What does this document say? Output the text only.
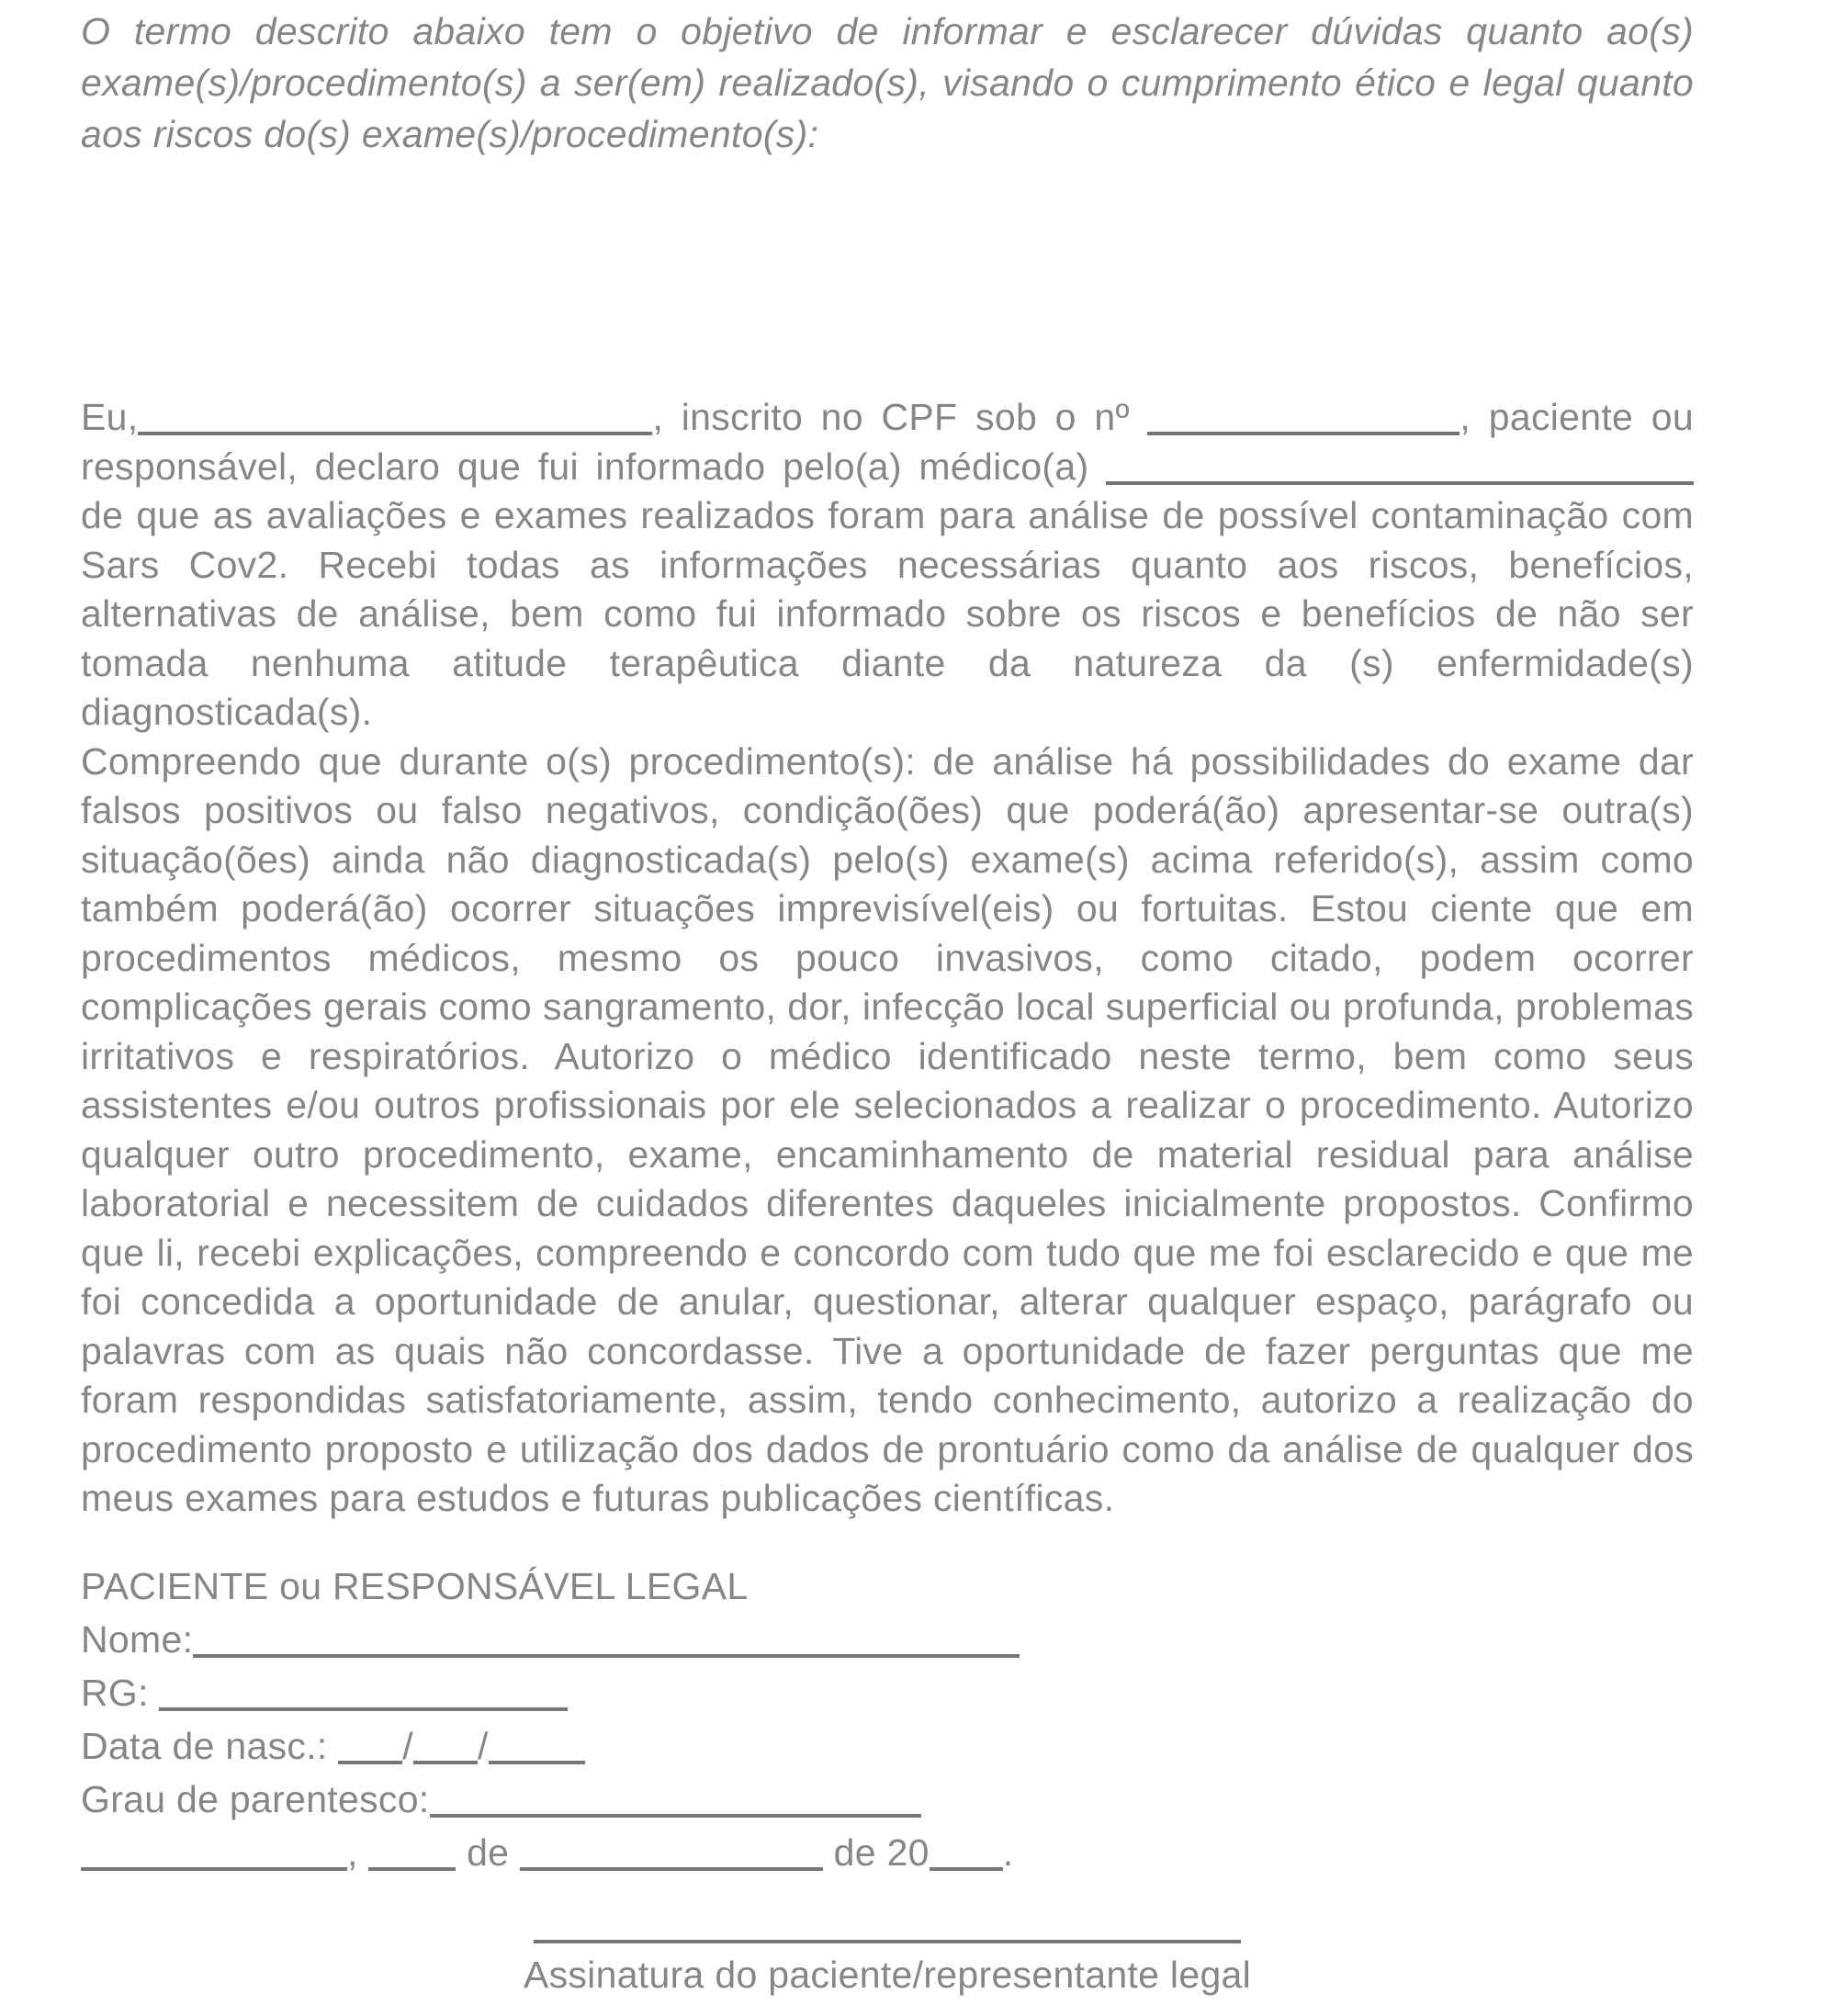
O termo descrito abaixo tem o objetivo de informar e esclarecer dúvidas quanto ao(s) exame(s)/procedimento(s) a ser(em) realizado(s), visando o cumprimento ético e legal quanto aos riscos do(s) exame(s)/procedimento(s):

Eu,	, inscrito no CPF sob o nº	, paciente ou responsável, declaro que fui informado pelo(a) médico(a)  de que as avaliações e exames realizados foram para análise de possível contaminação com Sars Cov2. Recebi todas as informações necessárias quanto aos riscos, benefícios, alternativas de análise, bem como fui informado sobre os riscos e benefícios de não ser tomada nenhuma atitude terapêutica diante da natureza da (s) enfermidade(s) diagnosticada(s).

Compreendo que durante o(s) procedimento(s): de análise há possibilidades do exame dar falsos positivos ou falso negativos, condição(ões) que poderá(ão) apresentar-se outra(s) situação(ões) ainda não diagnosticada(s) pelo(s) exame(s) acima referido(s), assim como também poderá(ão) ocorrer situações imprevisível(eis) ou fortuitas. Estou ciente que em procedimentos médicos, mesmo os pouco invasivos, como citado, podem ocorrer complicações gerais como sangramento, dor, infecção local superficial ou profunda, problemas irritativos e respiratórios. Autorizo o médico identificado neste termo, bem como seus assistentes e/ou outros profissionais por ele selecionados a realizar o procedimento. Autorizo qualquer outro procedimento, exame, encaminhamento de material residual para análise laboratorial e necessitem de cuidados diferentes daqueles inicialmente propostos. Confirmo que li, recebi explicações, compreendo e concordo com tudo que me foi esclarecido e que me foi concedida a oportunidade de anular, questionar, alterar qualquer espaço, parágrafo ou palavras com as quais não concordasse. Tive a oportunidade de fazer perguntas que me foram respondidas satisfatoriamente, assim, tendo conhecimento, autorizo a realização do procedimento proposto e utilização dos dados de prontuário como da análise de qualquer dos meus exames para estudos e futuras publicações científicas.

PACIENTE ou RESPONSÁVEL LEGAL
Nome:
RG:
Data de nasc.: / /
Grau de parentesco:
,  de	de 20 .
Assinatura do paciente/representante legal
